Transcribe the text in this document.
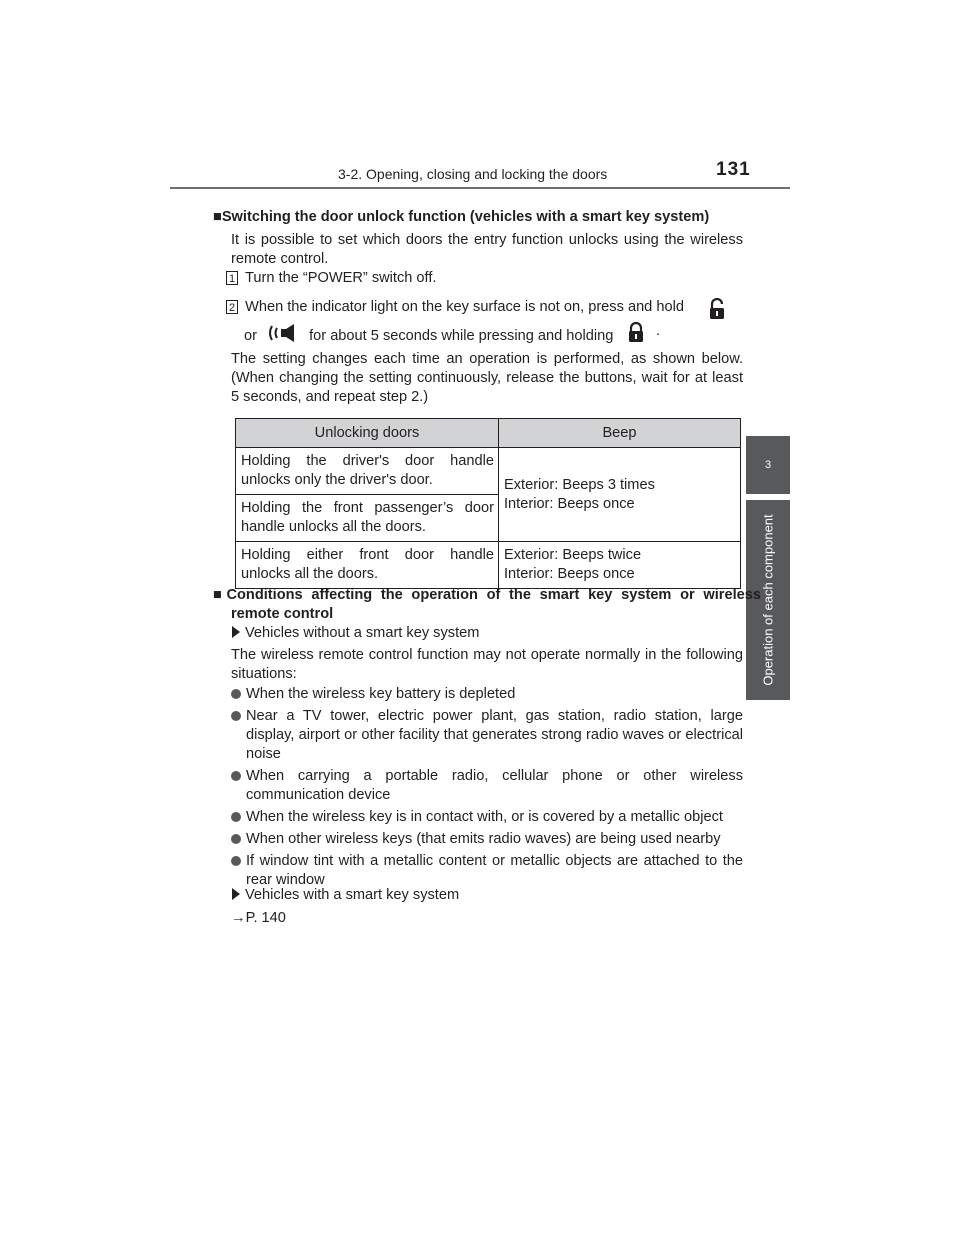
3-2. Opening, closing and locking the doors	131
3
Operation of each component
■Switching the door unlock function (vehicles with a smart key system)

It is possible to set which doors the entry function unlocks using the wireless remote control.

1 Turn the “POWER” switch off.
2 When the indicator light on the key surface is not on, press and hold
or	for about 5 seconds while pressing and holding	.

The setting changes each time an operation is performed, as shown below. (When changing the setting continuously, release the buttons, wait for at least 5 seconds, and repeat step 2.)

Unlocking doors	Beep
Holding the driver's door handle unlocks only the driver's door.	Exterior: Beeps 3 times
Interior: Beeps once

Holding the front passenger’s door handle unlocks all the doors.	
Holding either front door handle unlocks all the doors.	Exterior: Beeps twice
Interior: Beeps once
■Conditions affecting the operation of the smart key system or wireless remote control
Vehicles without a smart key system

The wireless remote control function may not operate normally in the following situations:

When the wireless key battery is depleted
Near a TV tower, electric power plant, gas station, radio station, large display, airport or other facility that generates strong radio waves or electrical noise
When carrying a portable radio, cellular phone or other wireless communication device
When the wireless key is in contact with, or is covered by a metallic object
When other wireless keys (that emits radio waves) are being used nearby
If window tint with a metallic content or metallic objects are attached to the rear window
Vehicles with a smart key system
→P. 140
